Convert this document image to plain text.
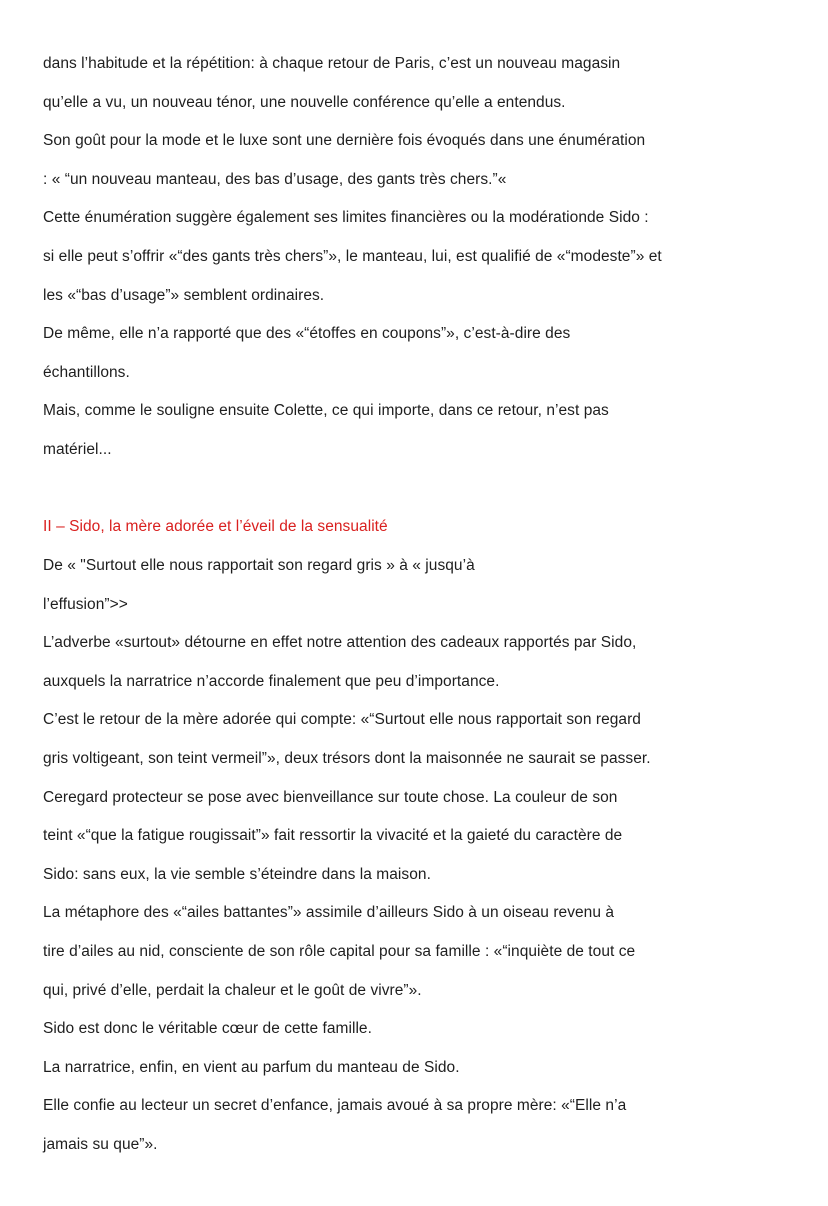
dans l’habitude et la répétition: à chaque retour de Paris, c’est un nouveau magasin
qu’elle a vu, un nouveau ténor, une nouvelle conférence qu’elle a entendus.
Son goût pour la mode et le luxe sont une dernière fois évoqués dans une énumération
: « “un nouveau manteau, des bas d’usage, des gants très chers.”«
Cette énumération suggère également ses limites financières ou la modérationde Sido :
si elle peut s’offrir «“des gants très chers”», le manteau, lui, est qualifié de «“modeste”» et
les «“bas d’usage”» semblent ordinaires.
De même, elle n’a rapporté que des «“étoffes en coupons”», c’est-à-dire des
échantillons.
Mais, comme le souligne ensuite Colette, ce qui importe, dans ce retour, n’est pas
matériel...
II – Sido, la mère adorée et l’éveil de la sensualité
De « "Surtout elle nous rapportait son regard gris » à « jusqu’à
l’effusion”>>
L’adverbe «surtout» détourne en effet notre attention des cadeaux rapportés par Sido,
auxquels la narratrice n’accorde finalement que peu d’importance.
C’est le retour de la mère adorée qui compte: «“Surtout elle nous rapportait son regard
gris voltigeant, son teint vermeil”», deux trésors dont la maisonnée ne saurait se passer.
Ceregard protecteur se pose avec bienveillance sur toute chose. La couleur de son
teint «“que la fatigue rougissait”» fait ressortir la vivacité et la gaieté du caractère de
Sido: sans eux, la vie semble s’éteindre dans la maison.
La métaphore des «“ailes battantes”» assimile d’ailleurs Sido à un oiseau revenu à
tire d’ailes au nid, consciente de son rôle capital pour sa famille : «“inquiète de tout ce
qui, privé d’elle, perdait la chaleur et le goût de vivre”».
Sido est donc le véritable cœur de cette famille.
La narratrice, enfin, en vient au parfum du manteau de Sido.
Elle confie au lecteur un secret d’enfance, jamais avoué à sa propre mère: «“Elle n’a
jamais su que”».
